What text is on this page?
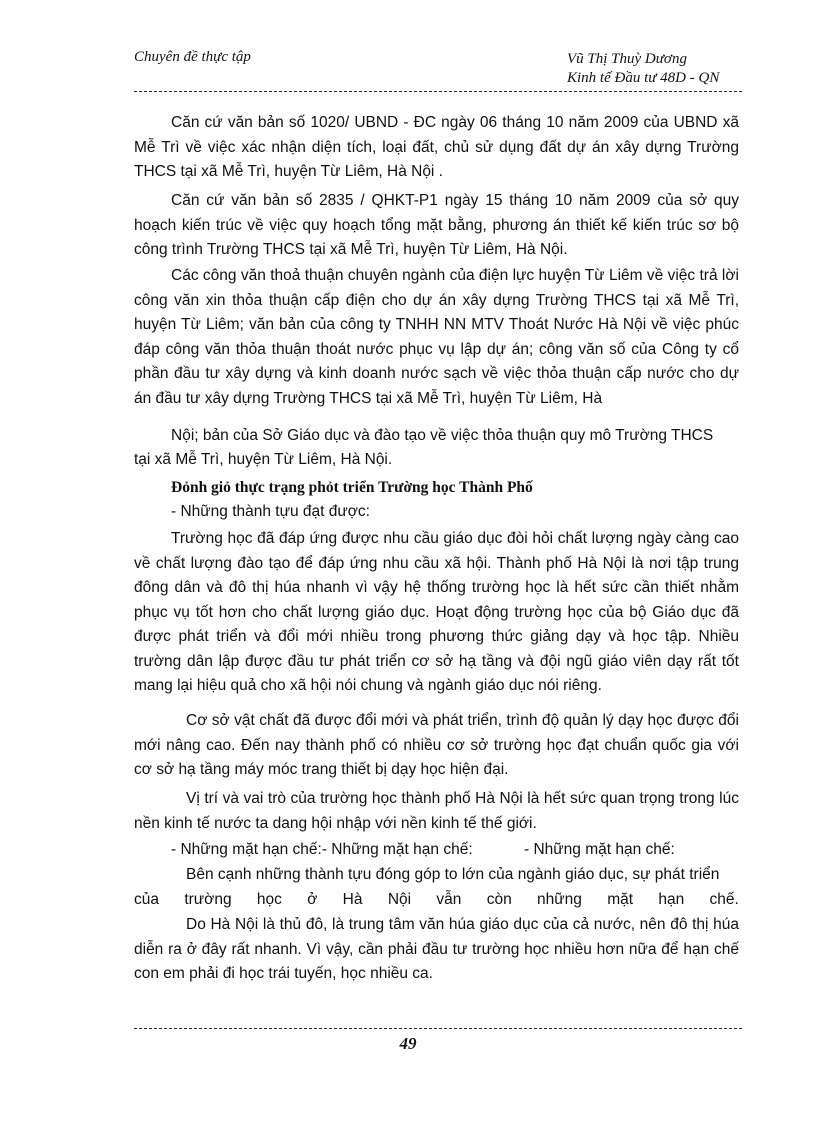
Chuyên đề thực tập	Vũ Thị Thuỳ Dương
Kinh tế Đầu tư 48D - QN

Căn cứ văn bản số 1020/ UBND - ĐC ngày 06 tháng 10 năm 2009 của UBND xã Mễ Trì về việc xác nhận diện tích, loại đất, chủ sử dụng đất dự án xây dựng Trường THCS tại xã Mễ Trì, huyện Từ Liêm, Hà Nội .

Căn cứ văn bản số 2835 / QHKT-P1 ngày 15 tháng 10 năm 2009 của sở quy hoạch kiến trúc về việc quy hoạch tổng mặt bằng, phương án thiết kế kiến trúc sơ bộ công trình Trường THCS tại xã Mễ Trì, huyện Từ Liêm, Hà Nội.

Các công văn thoả thuận chuyên ngành của điện lực huyện Từ Liêm về việc trả lời công văn xin thỏa thuận cấp điện cho dự án xây dựng Trường THCS tại xã Mễ Trì, huyện Từ Liêm; văn bản của công ty TNHH NN MTV Thoát Nước Hà Nội về việc phúc đáp công văn thỏa thuận thoát nước phục vụ lập dự án; công văn số của Công ty cổ phần đầu tư xây dựng và kinh doanh nước sạch về việc thỏa thuận cấp nước cho dự án đầu tư xây dựng Trường THCS tại xã Mễ Trì, huyện Từ Liêm, Hà

Nội; bản của Sở Giáo dục và đào tạo về việc thỏa thuận quy mô Trường THCS

tại xã Mễ Trì, huyện Từ Liêm, Hà Nội.

Đỏnh giỏ thực trạng phỏt triển Trường học Thành Phố

- Những thành tựu đạt được:

Trường học đã đáp ứng được nhu cầu giáo dục đòi hỏi chất lượng ngày càng cao về chất lượng đào tạo để đáp ứng nhu cầu xã hội. Thành phố Hà Nội là nơi tập trung đông dân và đô thị húa nhanh vì vậy hệ thống trường học là hết sức cần thiết nhằm phục vụ tốt hơn cho chất lượng giáo dục. Hoạt động trường học của bộ Giáo dục đã được phát triển và đổi mới nhiều trong phương thức giảng dạy và học tập. Nhiều trường dân lập được đầu tư phát triển cơ sở hạ tầng và đội ngũ giáo viên dạy rất tốt mang lại hiệu quả cho xã hội nói chung và ngành giáo dục nói riêng.

Cơ sở vật chất đã được đổi mới và phát triển, trình độ quản lý dạy học được đổi mới nâng cao. Đến nay thành phố có nhiều cơ sở trường học đạt chuẩn quốc gia với cơ sở hạ tầng máy móc trang thiết bị dạy học hiện đại.

Vị trí và vai trò của trường học thành phố Hà Nội là hết sức quan trọng trong lúc nền kinh tế nước ta dang hội nhập với nền kinh tế thế giới.

- Những mặt hạn chế:- Những mặt hạn chế:	- Những mặt hạn chế:

Bên cạnh những thành tựu đóng góp to lớn của ngành giáo dục, sự phát triển

của trường học ở Hà Nội vẫn còn những mặt hạn chế.

Do Hà Nội là thủ đô, là trung tâm văn húa giáo dục của cả nước, nên đô thị húa diễn ra ở đây rất nhanh. Vì vậy, cần phải đầu tư trường học nhiều hơn nữa để hạn chế con em phải đi học trái tuyến, học nhiều ca.

49
